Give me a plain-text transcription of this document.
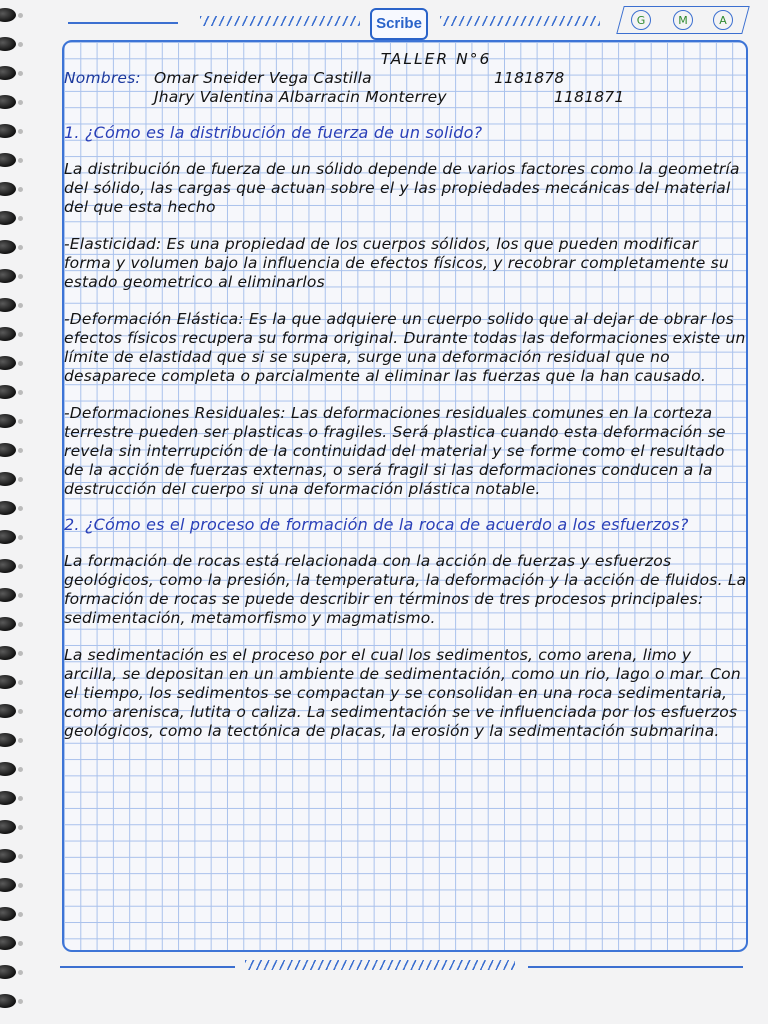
Scribe	G	M	A

TALLER N°6

Nombres: Omar Sneider Vega Castilla	1181878
Jhary Valentina Albarracin Monterrey	1181871

1. ¿Cómo es la distribución de fuerza de un solido?

La distribución de fuerza de un sólido depende de varios factores como la geometría del sólido, las cargas que actuan sobre el y las propiedades mecánicas del material del que esta hecho

-Elasticidad: Es una propiedad de los cuerpos sólidos, los que pueden modificar forma y volumen bajo la influencia de efectos físicos, y recobrar completamente su estado geometrico al eliminarlos

-Deformación Elástica: Es la que adquiere un cuerpo solido que al dejar de obrar los efectos físicos recupera su forma original. Durante todas las deformaciones existe un límite de elastidad que si se supera, surge una deformación residual que no desaparece completa o parcialmente al eliminar las fuerzas que la han causado.

-Deformaciones Residuales: Las deformaciones residuales comunes en la corteza terrestre pueden ser plasticas o fragiles. Será plastica cuando esta deformación se revela sin interrupción de la continuidad del material y se forme como el resultado de la acción de fuerzas externas, o será fragil si las deformaciones conducen a la destrucción del cuerpo si una deformación plástica notable.

2. ¿Cómo es el proceso de formación de la roca de acuerdo a los esfuerzos?

La formación de rocas está relacionada con la acción de fuerzas y esfuerzos geológicos, como la presión, la temperatura, la deformación y la acción de fluidos. La formación de rocas se puede describir en términos de tres procesos principales: sedimentación, metamorfismo y magmatismo.

La sedimentación es el proceso por el cual los sedimentos, como arena, limo y arcilla, se depositan en un ambiente de sedimentación, como un rio, lago o mar. Con el tiempo, los sedimentos se compactan y se consolidan en una roca sedimentaria, como arenisca, lutita o caliza. La sedimentación se ve influenciada por los esfuerzos geológicos, como la tectónica de placas, la erosión y la sedimentación submarina.
